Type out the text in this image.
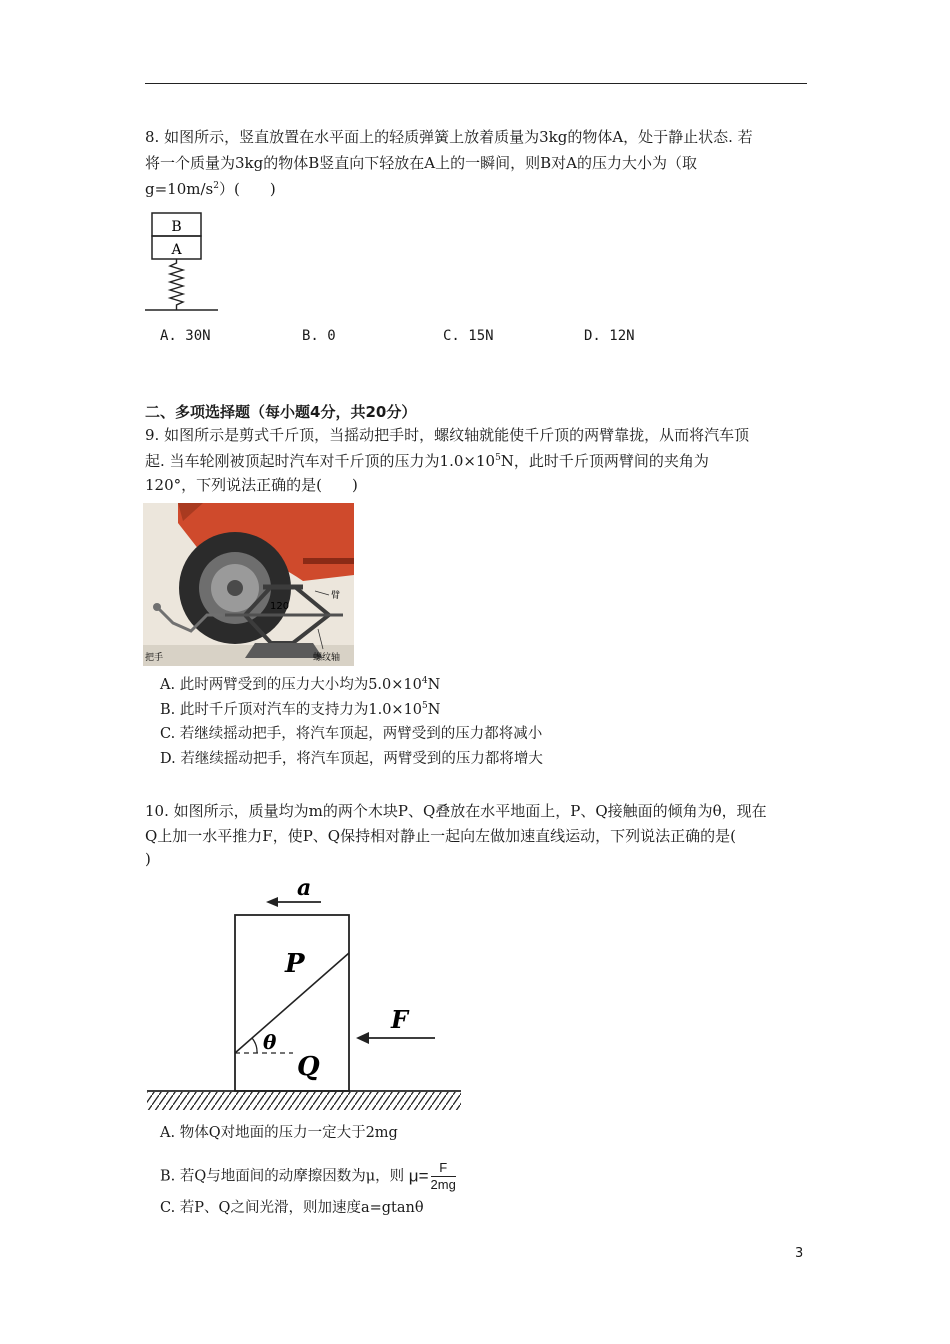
8. 如图所示，竖直放置在水平面上的轻质弹簧上放着质量为3kg的物体A，处于静止状态. 若
将一个质量为3kg的物体B竖直向下轻放在A上的一瞬间，则B对A的压力大小为（取
$g=10m/s^2$）(　　)
B
A
A. 30N	B. 0	C. 15N	D. 12N
二、多项选择题（每小题4分，共20分）
9. 如图所示是剪式千斤顶，当摇动把手时，螺纹轴就能使千斤顶的两臂靠拢，从而将汽车顶
起. 当车轮刚被顶起时汽车对千斤顶的压力为$1.0\times 10^5N$，此时千斤顶两臂间的夹角为
120°，下列说法正确的是(　　)
120
臂
把手	螺纹轴
A. 此时两臂受到的压力大小均为$5.0\times 10^4N$
B. 此时千斤顶对汽车的支持力为$1.0\times 10^5N$
C. 若继续摇动把手，将汽车顶起，两臂受到的压力都将减小
D. 若继续摇动把手，将汽车顶起，两臂受到的压力都将增大
10. 如图所示，质量均为m的两个木块P、Q叠放在水平地面上，P、Q接触面的倾角为θ，现在
Q上加一水平推力F，使P、Q保持相对静止一起向左做加速直线运动，下列说法正确的是(
)
a
P
Q
θ
F
A. 物体Q对地面的压力一定大于2mg
B. 若Q与地面间的动摩擦因数为μ，则 $\mu= \frac{F}{2mg}$
C. 若P、Q之间光滑，则加速度a=gtanθ
3
